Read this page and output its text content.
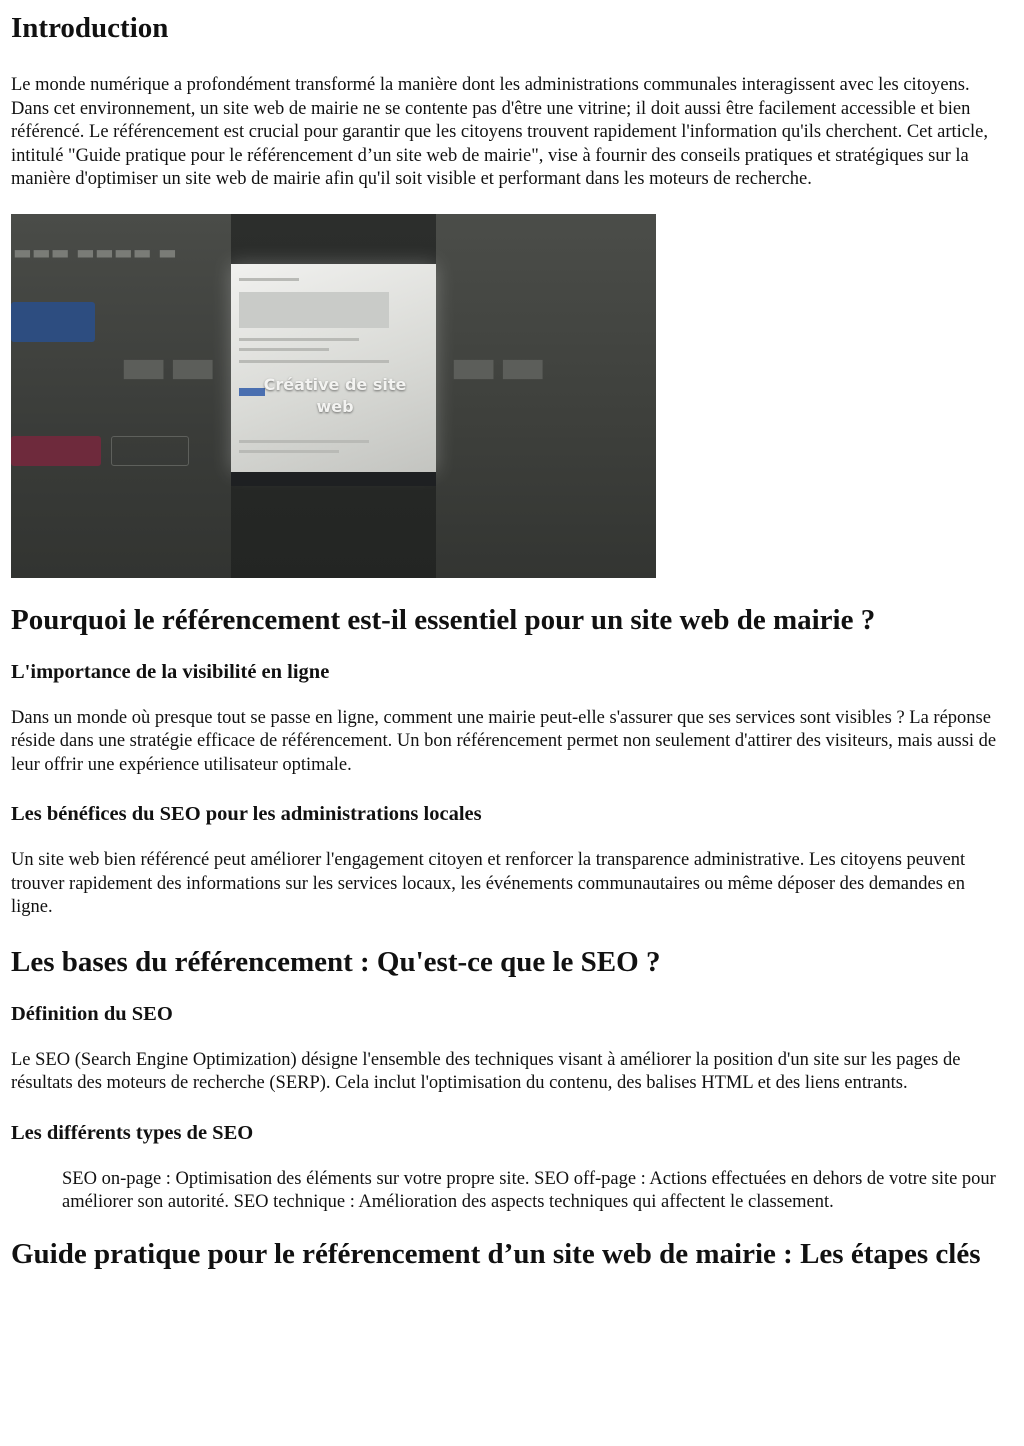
Introduction

Le monde numérique a profondément transformé la manière dont les administrations communales interagissent avec les citoyens. Dans cet environnement, un site web de mairie ne se contente pas d'être une vitrine; il doit aussi être facilement accessible et bien référencé. Le référencement est crucial pour garantir que les citoyens trouvent rapidement l'information qu'ils cherchent. Cet article, intitulé "Guide pratique pour le référencement d’un site web de mairie", vise à fournir des conseils pratiques et stratégiques sur la manière d'optimiser un site web de mairie afin qu'il soit visible et performant dans les moteurs de recherche.

▬▬▬ ▬▬▬▬ ▬
▬▬	▬▬
Créative de site web
Pourquoi le référencement est-il essentiel pour un site web de mairie ?
L'importance de la visibilité en ligne

Dans un monde où presque tout se passe en ligne, comment une mairie peut-elle s'assurer que ses services sont visibles ? La réponse réside dans une stratégie efficace de référencement. Un bon référencement permet non seulement d'attirer des visiteurs, mais aussi de leur offrir une expérience utilisateur optimale.

Les bénéfices du SEO pour les administrations locales

Un site web bien référencé peut améliorer l'engagement citoyen et renforcer la transparence administrative. Les citoyens peuvent trouver rapidement des informations sur les services locaux, les événements communautaires ou même déposer des demandes en ligne.

Les bases du référencement : Qu'est-ce que le SEO ?
Définition du SEO

Le SEO (Search Engine Optimization) désigne l'ensemble des techniques visant à améliorer la position d'un site sur les pages de résultats des moteurs de recherche (SERP). Cela inclut l'optimisation du contenu, des balises HTML et des liens entrants.

Les différents types de SEO

SEO on-page : Optimisation des éléments sur votre propre site. SEO off-page : Actions effectuées en dehors de votre site pour améliorer son autorité. SEO technique : Amélioration des aspects techniques qui affectent le classement.

Guide pratique pour le référencement d’un site web de mairie : Les étapes clés
